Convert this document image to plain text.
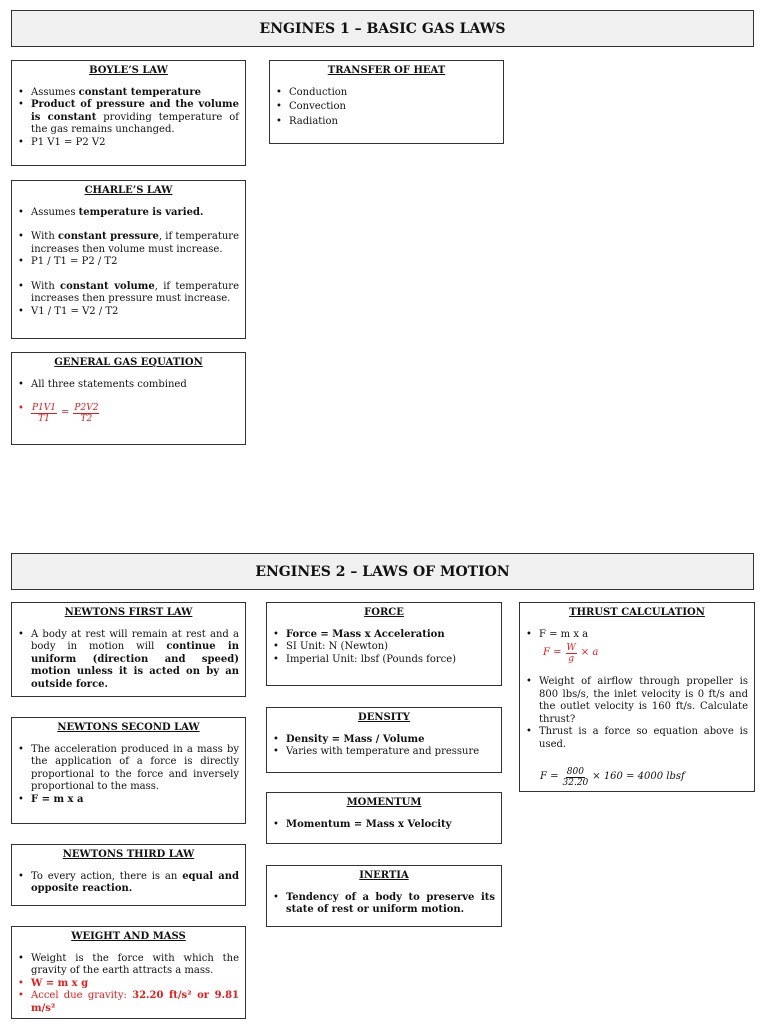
ENGINES 1 – BASIC GAS LAWS
BOYLE’S LAW
• Assumes constant temperature
• Product of pressure and the volume is constant providing temperature of the gas remains unchanged.
• P1 V1 = P2 V2
TRANSFER OF HEAT
• Conduction
• Convection
• Radiation
CHARLE’S LAW
• Assumes temperature is varied.
• With constant pressure, if temperature increases then volume must increase.
• P1 / T1 = P2 / T2
• With constant volume, if temperature increases then pressure must increase.
• V1 / T1 = V2 / T2
GENERAL GAS EQUATION
• All three statements combined
• $\frac{P1V1}{T1} = \frac{P2V2}{T2}$
ENGINES 2 – LAWS OF MOTION
NEWTONS FIRST LAW
• A body at rest will remain at rest and a body in motion will continue in uniform (direction and speed) motion unless it is acted on by an outside force.
FORCE
• Force = Mass x Acceleration
• SI Unit: N (Newton)
• Imperial Unit: lbsf (Pounds force)
THRUST CALCULATION
• F = m x a
$F = \frac{W}{g} \times a$
• Weight of airflow through propeller is 800 lbs/s, the inlet velocity is 0 ft/s and the outlet velocity is 160 ft/s. Calculate thrust?
• Thrust is a force so equation above is used.
$F = \frac{800}{32.20} \times 160 = 4000$ lbsf
NEWTONS SECOND LAW
• The acceleration produced in a mass by the application of a force is directly proportional to the force and inversely proportional to the mass.
• F = m x a
DENSITY
• Density = Mass / Volume
• Varies with temperature and pressure
MOMENTUM
• Momentum = Mass x Velocity
NEWTONS THIRD LAW
• To every action, there is an equal and opposite reaction.
INERTIA
• Tendency of a body to preserve its state of rest or uniform motion.
WEIGHT AND MASS
• Weight is the force with which the gravity of the earth attracts a mass.
• W = m x g
• Accel due gravity: 32.20 ft/s² or 9.81 m/s²
